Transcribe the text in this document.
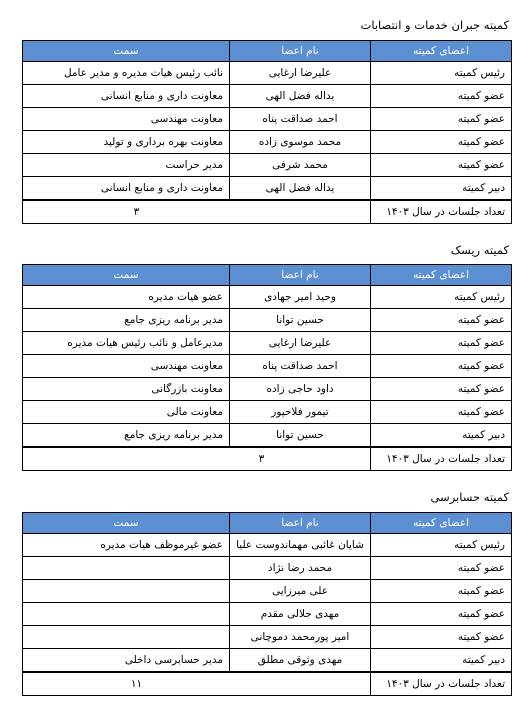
کمیته جبران خدمات و انتصابات
اعضای کمیته	نام اعضا	سمت
رئیس کمیته	علیرضا ارغایی	نائب رئیس هیات مدیره و مدیر عامل
عضو کمیته	یداله فضل الهی	معاونت داری و منابع انسانی
عضو کمیته	احمد صداقت پناه	معاونت مهندسی
عضو کمیته	محمد موسوی زاده	معاونت بهره برداری و تولید
عضو کمیته	محمد شرفی	مدیر حراست
دبیر کمیته	یداله فضل الهی	معاونت داری و منابع انسانی
تعداد جلسات در سال ۱۴۰۳	۳	
کمیته ریسک
اعضای کمیته	نام اعضا	سمت
رئیس کمیته	وحید امیر جهادی	عضو هیات مدیره
عضو کمیته	حسین توانا	مدیر برنامه ریزی جامع
عضو کمیته	علیرضا ارغایی	مدیرعامل و نائب رئیس هیات مدیره
عضو کمیته	احمد صداقت پناه	معاونت مهندسی
عضو کمیته	داود حاجی زاده	معاونت بازرگانی
عضو کمیته	تیمور فلاحپور	معاونت مالی
دبیر کمیته	حسین توانا	مدیر برنامه ریزی جامع
تعداد جلسات در سال ۱۴۰۳	۳	
کمیته حسابرسی
اعضای کمیته	نام اعضا	سمت
رئیس کمیته	شایان غائبی مهماندوست علیا	عضو غیرموظف هیات مدیره
عضو کمیته	محمد رضا نژاد	
عضو کمیته	علی میرزایی	
عضو کمیته	مهدی جلالی مقدم	
عضو کمیته	امیر پورمحمد دموچانی	
دبیر کمیته	مهدی وثوقی مطلق	مدیر حسابرسی داخلی
تعداد جلسات در سال ۱۴۰۳	۱۱	
